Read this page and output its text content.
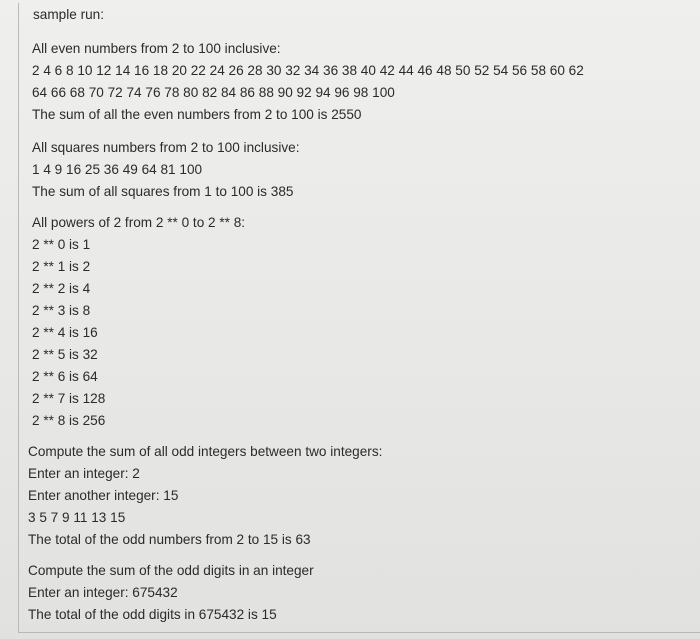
sample run:
All even numbers from 2 to 100 inclusive:
2 4 6 8 10 12 14 16 18 20 22 24 26 28 30 32 34 36 38 40 42 44 46 48 50 52 54 56 58 60 62
64 66 68 70 72 74 76 78 80 82 84 86 88 90 92 94 96 98 100
The sum of all the even numbers from 2 to 100 is 2550
All squares numbers from 2 to 100 inclusive:
1 4 9 16 25 36 49 64 81 100
The sum of all squares from 1 to 100 is 385
All powers of 2 from 2 ** 0 to 2 ** 8:
2 ** 0 is 1
2 ** 1 is 2
2 ** 2 is 4
2 ** 3 is 8
2 ** 4 is 16
2 ** 5 is 32
2 ** 6 is 64
2 ** 7 is 128
2 ** 8 is 256
Compute the sum of all odd integers between two integers:
Enter an integer: 2
Enter another integer: 15
3 5 7 9 11 13 15
The total of the odd numbers from 2 to 15 is 63
Compute the sum of the odd digits in an integer
Enter an integer: 675432
The total of the odd digits in 675432 is 15
